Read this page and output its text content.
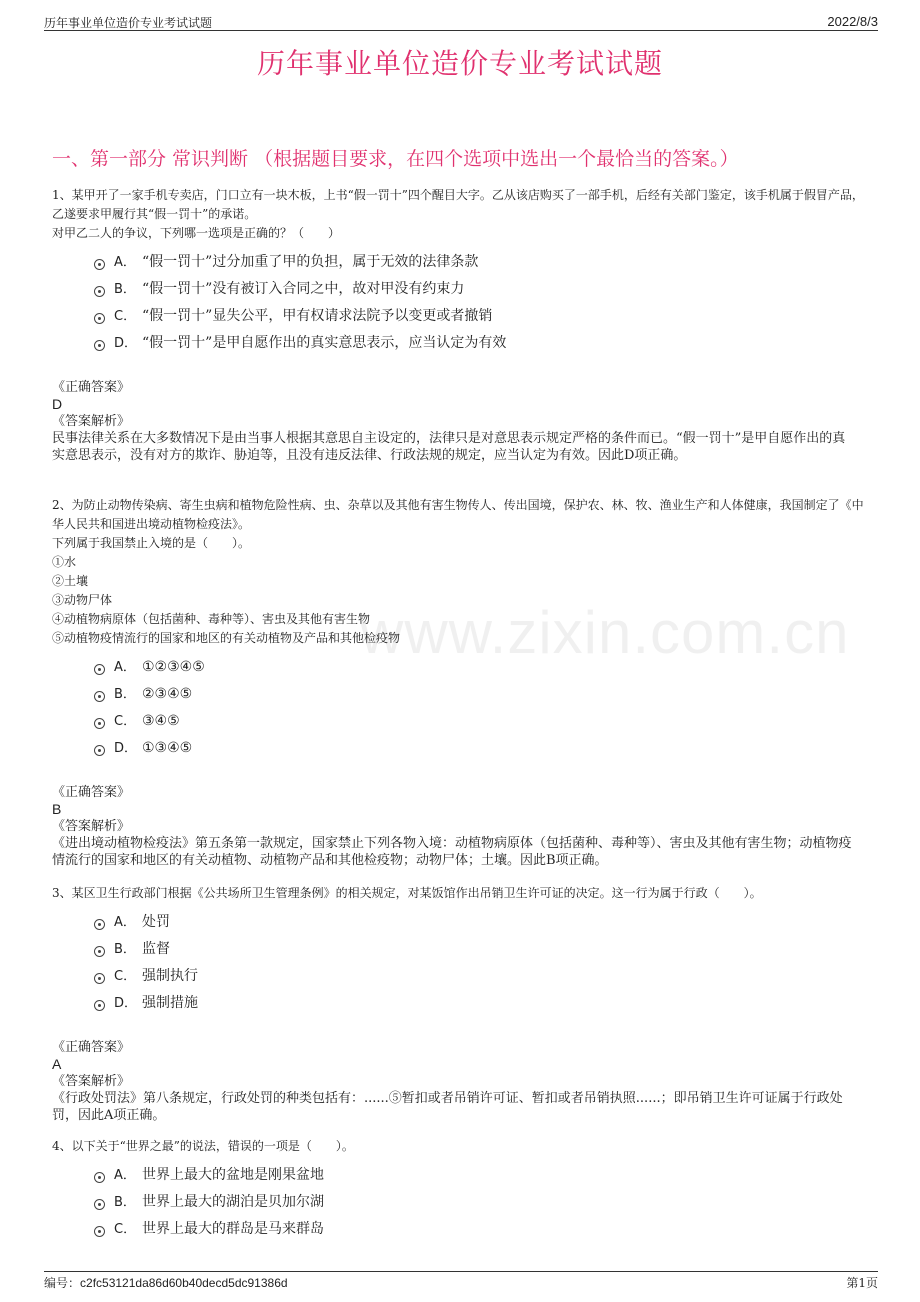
历年事业单位造价专业考试试题	2022/8/3
历年事业单位造价专业考试试题
一、第一部分 常识判断 （根据题目要求，在四个选项中选出一个最恰当的答案。）
www.zixin.com.cn

1、某甲开了一家手机专卖店，门口立有一块木板，上书“假一罚十”四个醒目大字。乙从该店购买了一部手机，后经有关部门鉴定，该手机属于假冒产品，乙遂要求甲履行其“假一罚十”的承诺。

对甲乙二人的争议，下列哪一选项是正确的？（　　）

A． “假一罚十”过分加重了甲的负担，属于无效的法律条款
B． “假一罚十”没有被订入合同之中，故对甲没有约束力
C． “假一罚十”显失公平，甲有权请求法院予以变更或者撤销
D． “假一罚十”是甲自愿作出的真实意思表示，应当认定为有效
《正确答案》
D
《答案解析》
民事法律关系在大多数情况下是由当事人根据其意思自主设定的，法律只是对意思表示规定严格的条件而已。“假一罚十”是甲自愿作出的真实意思表示，没有对方的欺诈、胁迫等，且没有违反法律、行政法规的规定，应当认定为有效。因此D项正确。

2、为防止动物传染病、寄生虫病和植物危险性病、虫、杂草以及其他有害生物传人、传出国境，保护农、林、牧、渔业生产和人体健康，我国制定了《中华人民共和国进出境动植物检疫法》。

下列属于我国禁止入境的是（　　）。

①水

②土壤

③动物尸体

④动植物病原体（包括菌种、毒种等）、害虫及其他有害生物

⑤动植物疫情流行的国家和地区的有关动植物及产品和其他检疫物

A． ①②③④⑤
B． ②③④⑤
C． ③④⑤
D． ①③④⑤
《正确答案》
B
《答案解析》
《进出境动植物检疫法》第五条第一款规定，国家禁止下列各物入境：动植物病原体（包括菌种、毒种等）、害虫及其他有害生物；动植物疫情流行的国家和地区的有关动植物、动植物产品和其他检疫物；动物尸体；土壤。因此B项正确。

3、某区卫生行政部门根据《公共场所卫生管理条例》的相关规定，对某饭馆作出吊销卫生许可证的决定。这一行为属于行政（　　）。

A． 处罚
B． 监督
C． 强制执行
D． 强制措施
《正确答案》
A
《答案解析》
《行政处罚法》第八条规定，行政处罚的种类包括有：......⑤暂扣或者吊销许可证、暂扣或者吊销执照......；即吊销卫生许可证属于行政处罚，因此A项正确。

4、以下关于“世界之最”的说法，错误的一项是（　　）。

A． 世界上最大的盆地是刚果盆地
B． 世界上最大的湖泊是贝加尔湖
C． 世界上最大的群岛是马来群岛
编号：c2fc53121da86d60b40decd5dc91386d	第1页
